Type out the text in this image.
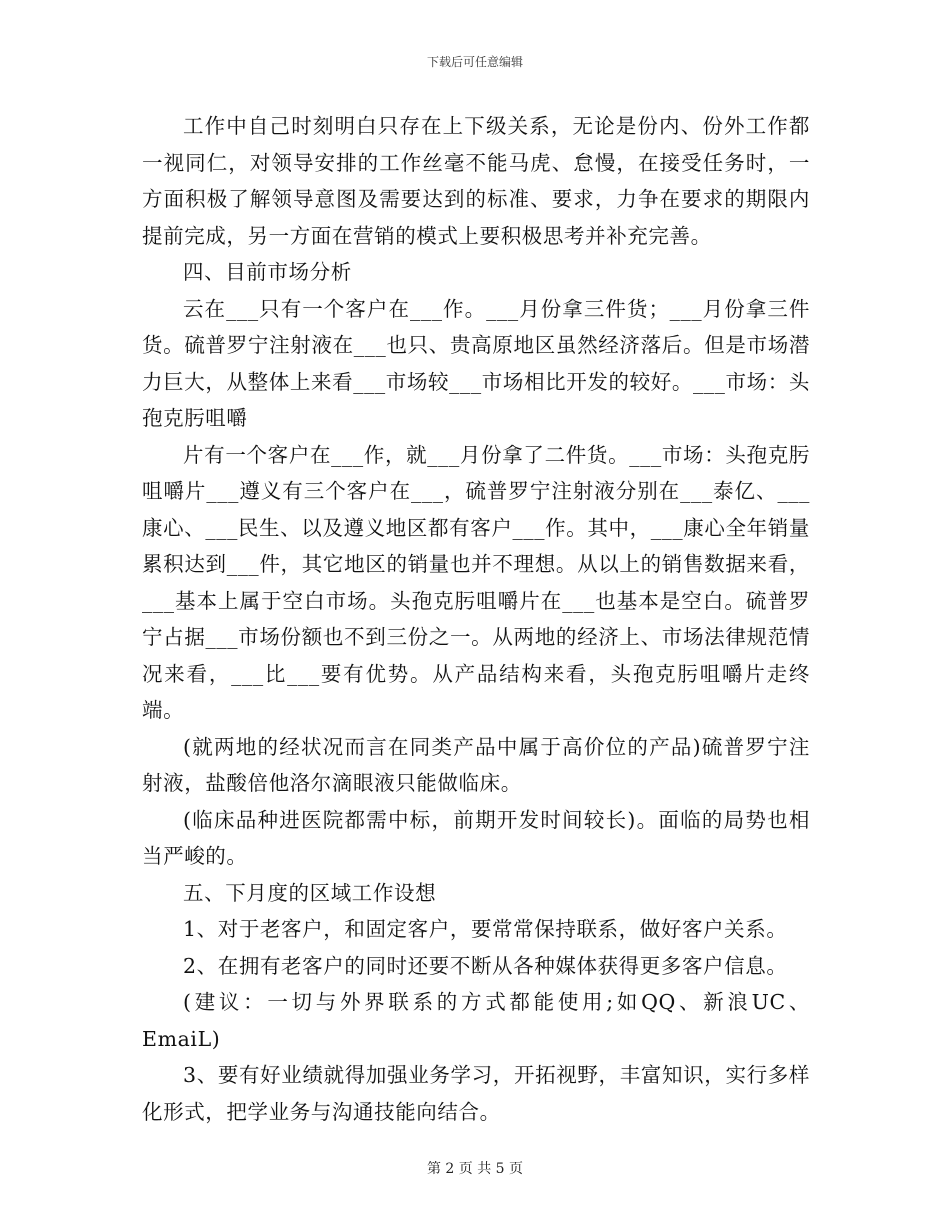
下载后可任意编辑

工作中自己时刻明白只存在上下级关系，无论是份内、份外工作都一视同仁，对领导安排的工作丝毫不能马虎、怠慢，在接受任务时，一方面积极了解领导意图及需要达到的标准、要求，力争在要求的期限内提前完成，另一方面在营销的模式上要积极思考并补充完善。

四、目前市场分析

云在___只有一个客户在___作。___月份拿三件货；___月份拿三件货。硫普罗宁注射液在___也只、贵高原地区虽然经济落后。但是市场潜力巨大，从整体上来看___市场较___市场相比开发的较好。___市场：头孢克肟咀嚼

片有一个客户在___作，就___月份拿了二件货。___市场：头孢克肟咀嚼片___遵义有三个客户在___，硫普罗宁注射液分别在___泰亿、___康心、___民生、以及遵义地区都有客户___作。其中，___康心全年销量累积达到___件，其它地区的销量也并不理想。从以上的销售数据来看，___基本上属于空白市场。头孢克肟咀嚼片在___也基本是空白。硫普罗宁占据___市场份额也不到三份之一。从两地的经济上、市场法律规范情况来看，___比___要有优势。从产品结构来看，头孢克肟咀嚼片走终端。

(就两地的经状况而言在同类产品中属于高价位的产品)硫普罗宁注射液，盐酸倍他洛尔滴眼液只能做临床。

(临床品种进医院都需中标，前期开发时间较长)。面临的局势也相当严峻的。

五、下月度的区域工作设想

1、对于老客户，和固定客户，要常常保持联系，做好客户关系。

2、在拥有老客户的同时还要不断从各种媒体获得更多客户信息。

(建议：一切与外界联系的方式都能使用;如QQ、新浪UC、EmaiL)

3、要有好业绩就得加强业务学习，开拓视野，丰富知识，实行多样化形式，把学业务与沟通技能向结合。

第 2 页 共 5 页
